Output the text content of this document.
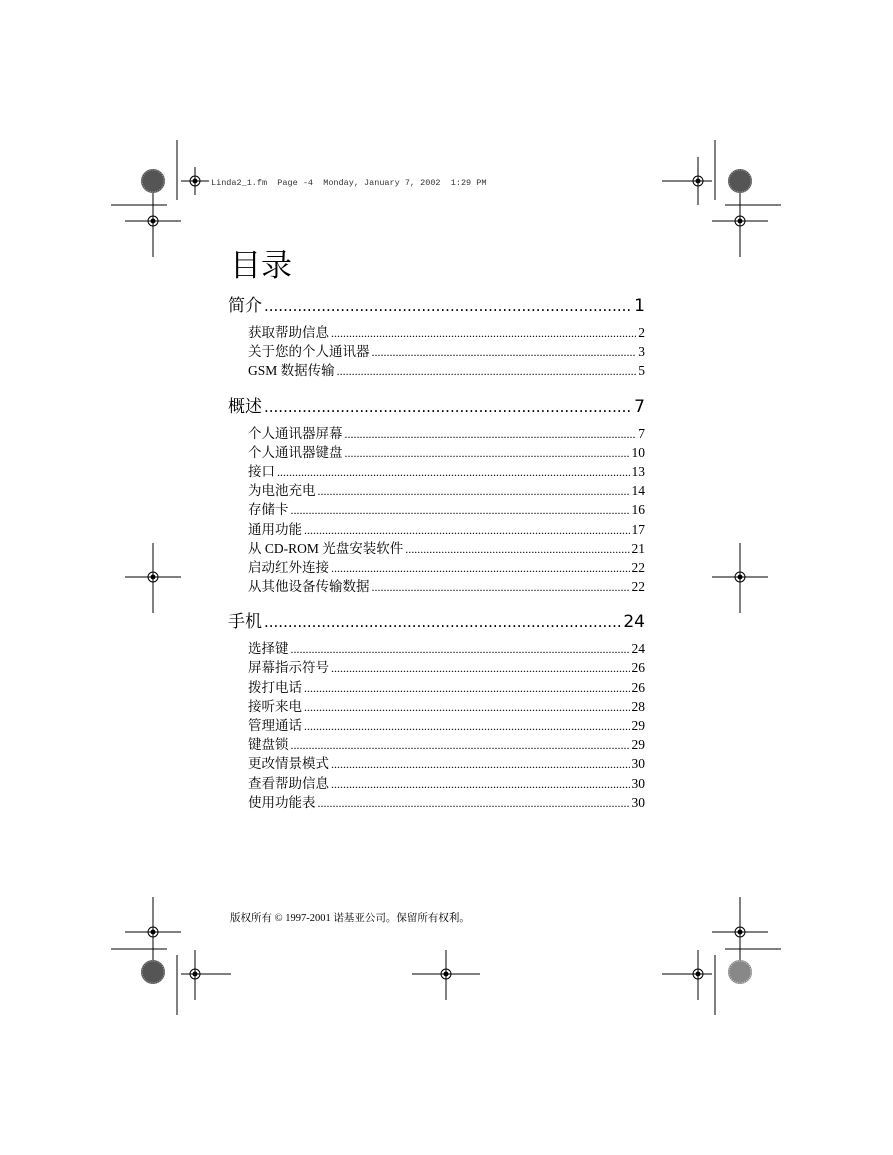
Linda2_1.fm  Page -4  Monday, January 7, 2002  1:29 PM
目录
简介 .....	1
获取帮助信息 .....	2
关于您的个人通讯器 .....	3
GSM 数据传输 .....	5
概述 .....	7
个人通讯器屏幕 .....	7
个人通讯器键盘 .....	10
接口 .....	13
为电池充电 .....	14
存储卡 .....	16
通用功能 .....	17
从 CD-ROM 光盘安装软件 .....	21
启动红外连接 .....	22
从其他设备传输数据 .....	22
手机 .....	24
选择键 .....	24
屏幕指示符号 .....	26
拨打电话 .....	26
接听来电 .....	28
管理通话 .....	29
键盘锁 .....	29
更改情景模式 .....	30
查看帮助信息 .....	30
使用功能表 .....	30
版权所有 © 1997-2001 诺基亚公司。保留所有权利。
